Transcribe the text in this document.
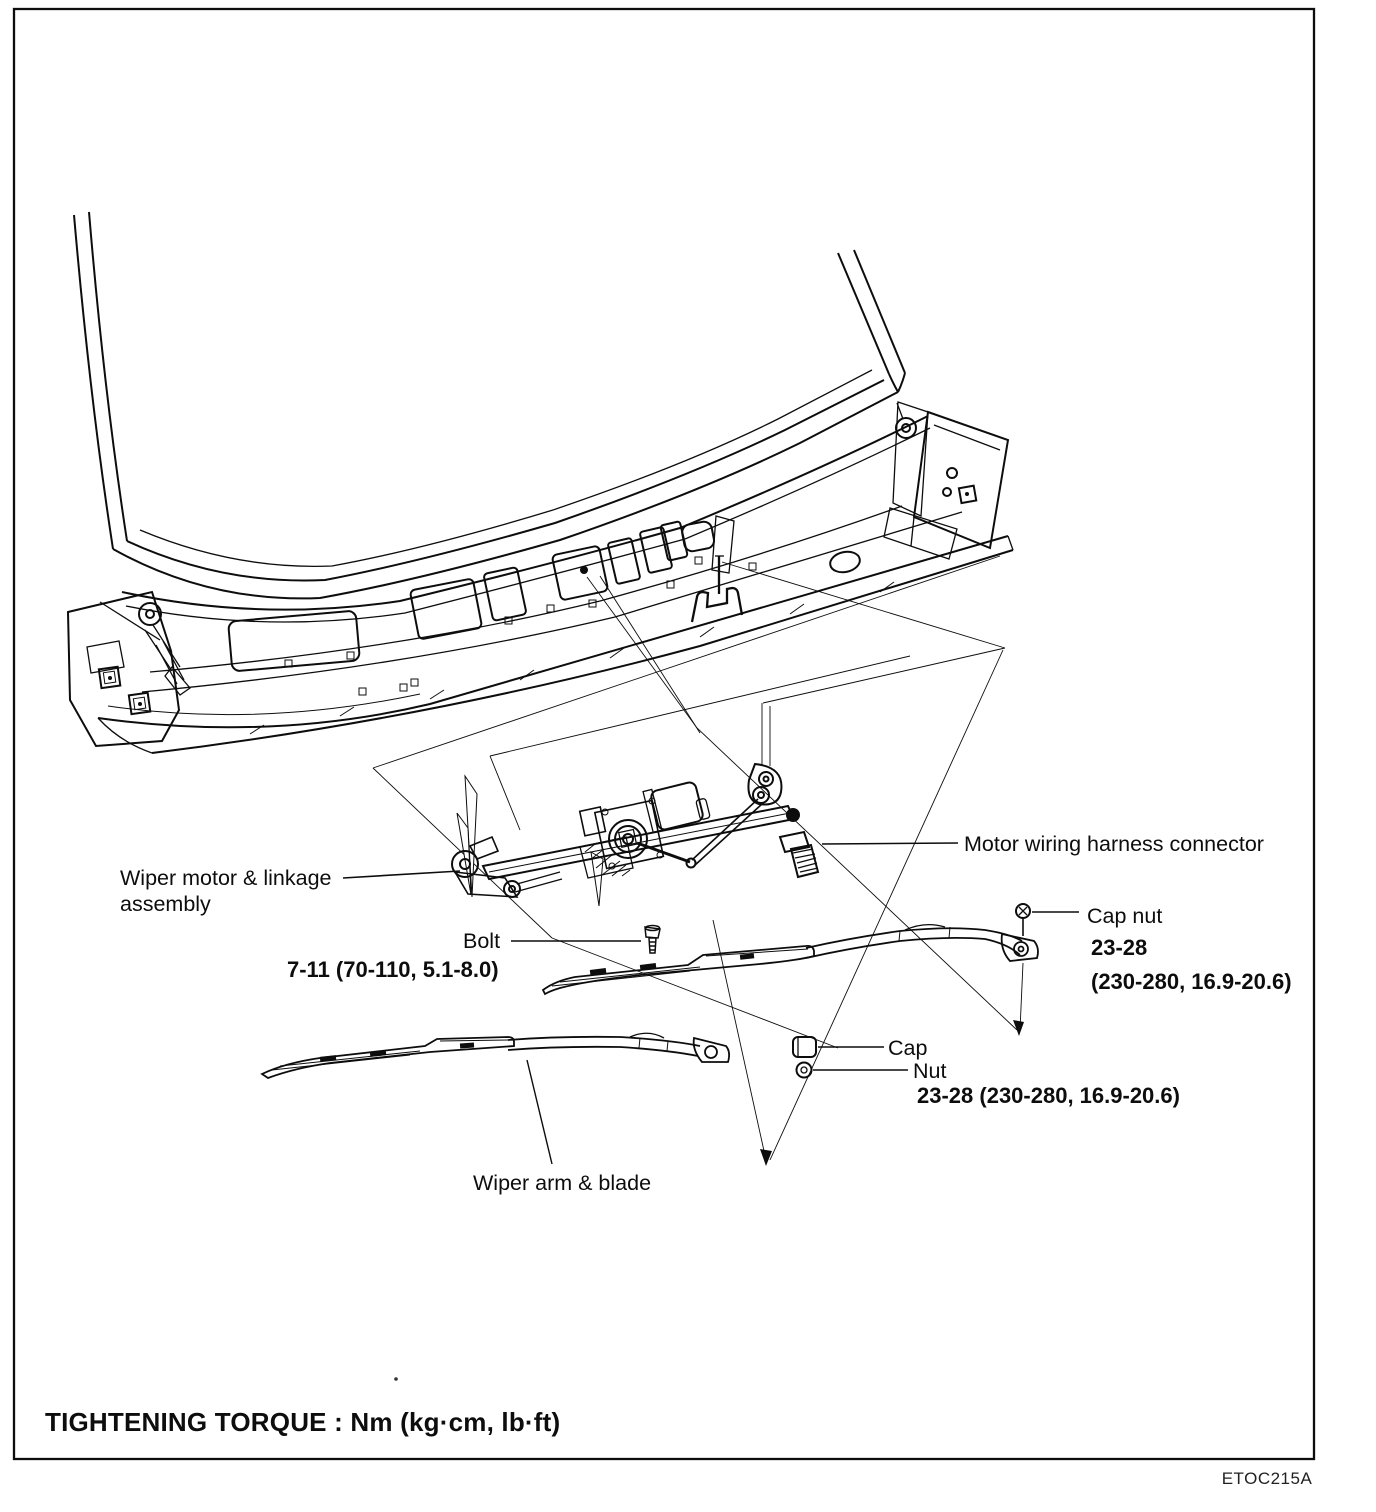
Wiper motor & linkage
assembly
Bolt
7-11 (70-110, 5.1-8.0)
Motor wiring harness connector
Cap nut
23-28
(230-280, 16.9-20.6)
Cap
Nut
23-28 (230-280, 16.9-20.6)
Wiper arm & blade
TIGHTENING TORQUE : Nm (kg·cm, lb·ft)
ETOC215A
